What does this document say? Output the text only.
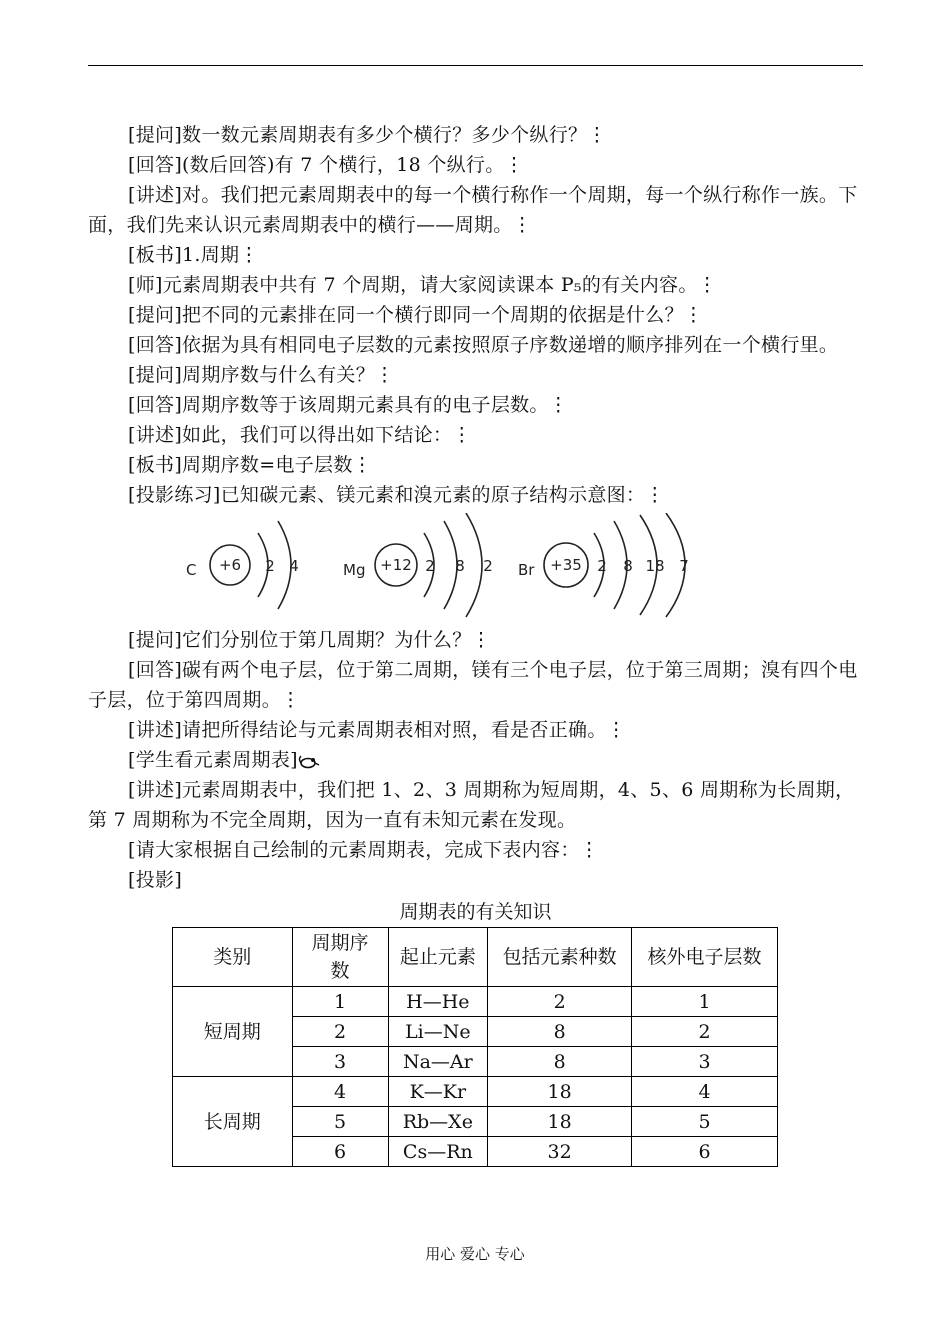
[提问]数一数元素周期表有多少个横行？多少个纵行？⋮

[回答](数后回答)有 7 个横行，18 个纵行。⋮

[讲述]对。我们把元素周期表中的每一个横行称作一个周期，每一个纵行称作一族。下面，我们先来认识元素周期表中的横行——周期。⋮

[板书]1.周期⋮

[师]元素周期表中共有 7 个周期，请大家阅读课本 P₅的有关内容。⋮

[提问]把不同的元素排在同一个横行即同一个周期的依据是什么？⋮

[回答]依据为具有相同电子层数的元素按照原子序数递增的顺序排列在一个横行里。

[提问]周期序数与什么有关？⋮

[回答]周期序数等于该周期元素具有的电子层数。⋮

[讲述]如此，我们可以得出如下结论：⋮

[板书]周期序数=电子层数⋮

[投影练习]已知碳元素、镁元素和溴元素的原子结构示意图：⋮

C +6 2 4	Mg +12 2 8 2 Br +35 2 8 18 7

[提问]它们分别位于第几周期？为什么？⋮

[回答]碳有两个电子层，位于第二周期，镁有三个电子层，位于第三周期；溴有四个电子层，位于第四周期。⋮

[讲述]请把所得结论与元素周期表相对照，看是否正确。⋮

[学生看元素周期表]

[讲述]元素周期表中，我们把 1、2、3 周期称为短周期，4、5、6 周期称为长周期，第 7 周期称为不完全周期，因为一直有未知元素在发现。

[请大家根据自己绘制的元素周期表，完成下表内容：⋮

[投影]

周期表的有关知识
类别	周期序数	起止元素	包括元素种数	核外电子层数
短周期	1	H—He	2	1
	2	Li—Ne	8	2
	3	Na—Ar	8	3
长周期	4	K—Kr	18	4
	5	Rb—Xe	18	5
	6	Cs—Rn	32	6
用心 爱心 专心
